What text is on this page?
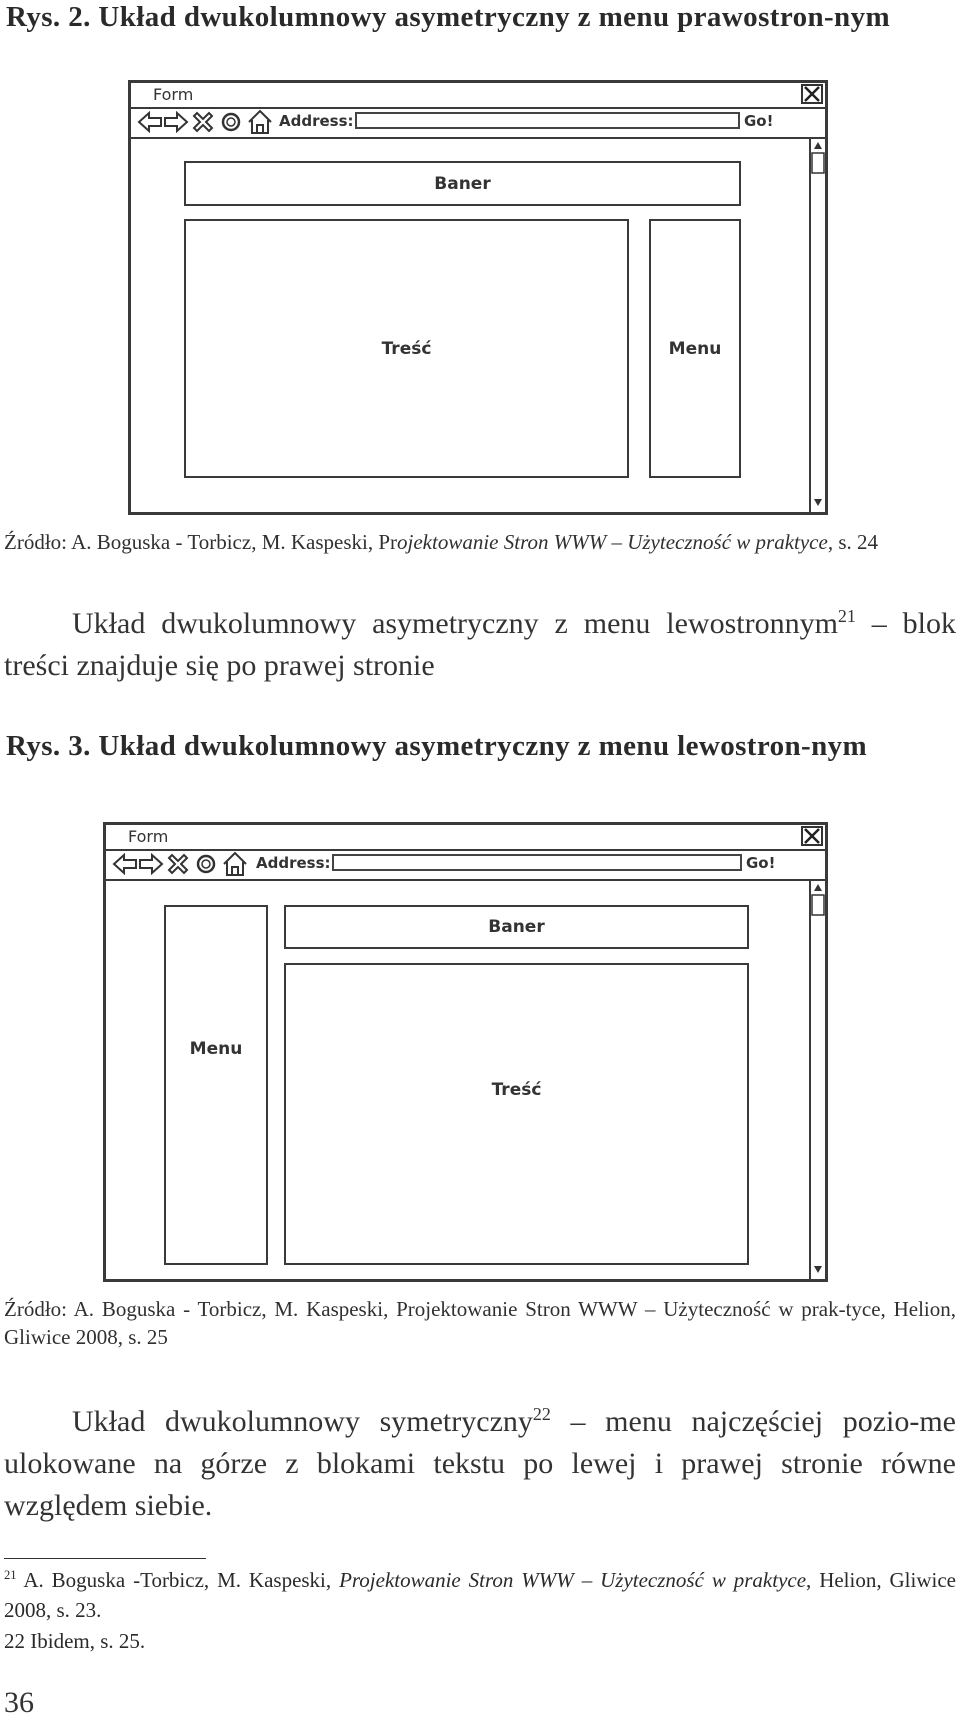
Rys. 2. Układ dwukolumnowy asymetryczny z menu prawostron-nym
Form
Address:	Go!
Baner
Treść	Menu
Źródło: A. Boguska - Torbicz, M. Kaspeski, Projektowanie Stron WWW – Użyteczność w praktyce, s. 24
Układ dwukolumnowy asymetryczny z menu lewostronnym$^{21}$ – blok treści znajduje się po prawej stronie
Rys. 3. Układ dwukolumnowy asymetryczny z menu lewostron-nym
Form
Address:	Go!
Menu
Baner
Treść
Źródło: A. Boguska - Torbicz, M. Kaspeski, Projektowanie Stron WWW – Użyteczność w prak-tyce, Helion, Gliwice 2008, s. 25
Układ dwukolumnowy symetryczny$^{22}$ – menu najczęściej pozio-me ulokowane na górze z blokami tekstu po lewej i prawej stronie równe względem siebie.
$^{21}$ A. Boguska -Torbicz, M. Kaspeski, Projektowanie Stron WWW – Użyteczność w praktyce, Helion, Gliwice 2008, s. 23.
22 Ibidem, s. 25.
36
